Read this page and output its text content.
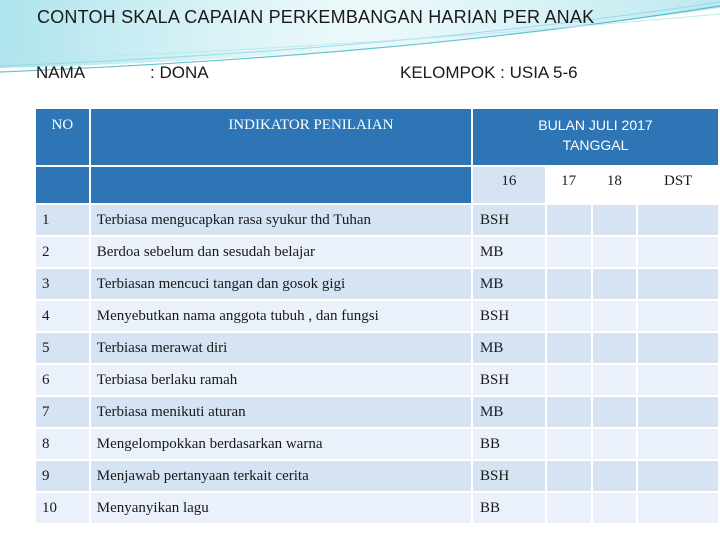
CONTOH SKALA CAPAIAN PERKEMBANGAN HARIAN PER ANAK
NAMA	: DONA	KELOMPOK : USIA 5-6
NO	INDIKATOR PENILAIAN	BULAN JULI 2017
TANGGAL			

		16	17	18	DST
1	Terbiasa mengucapkan rasa syukur thd Tuhan	BSH			
2	Berdoa sebelum dan sesudah belajar	MB			
3	Terbiasan mencuci tangan dan gosok gigi	MB			
4	Menyebutkan nama anggota tubuh , dan fungsi	BSH			
5	Terbiasa merawat diri	MB			
6	Terbiasa berlaku ramah	BSH			
7	Terbiasa menikuti aturan	MB			
8	Mengelompokkan berdasarkan warna	BB			
9	Menjawab pertanyaan terkait cerita	BSH			
10	Menyanyikan lagu	BB			
